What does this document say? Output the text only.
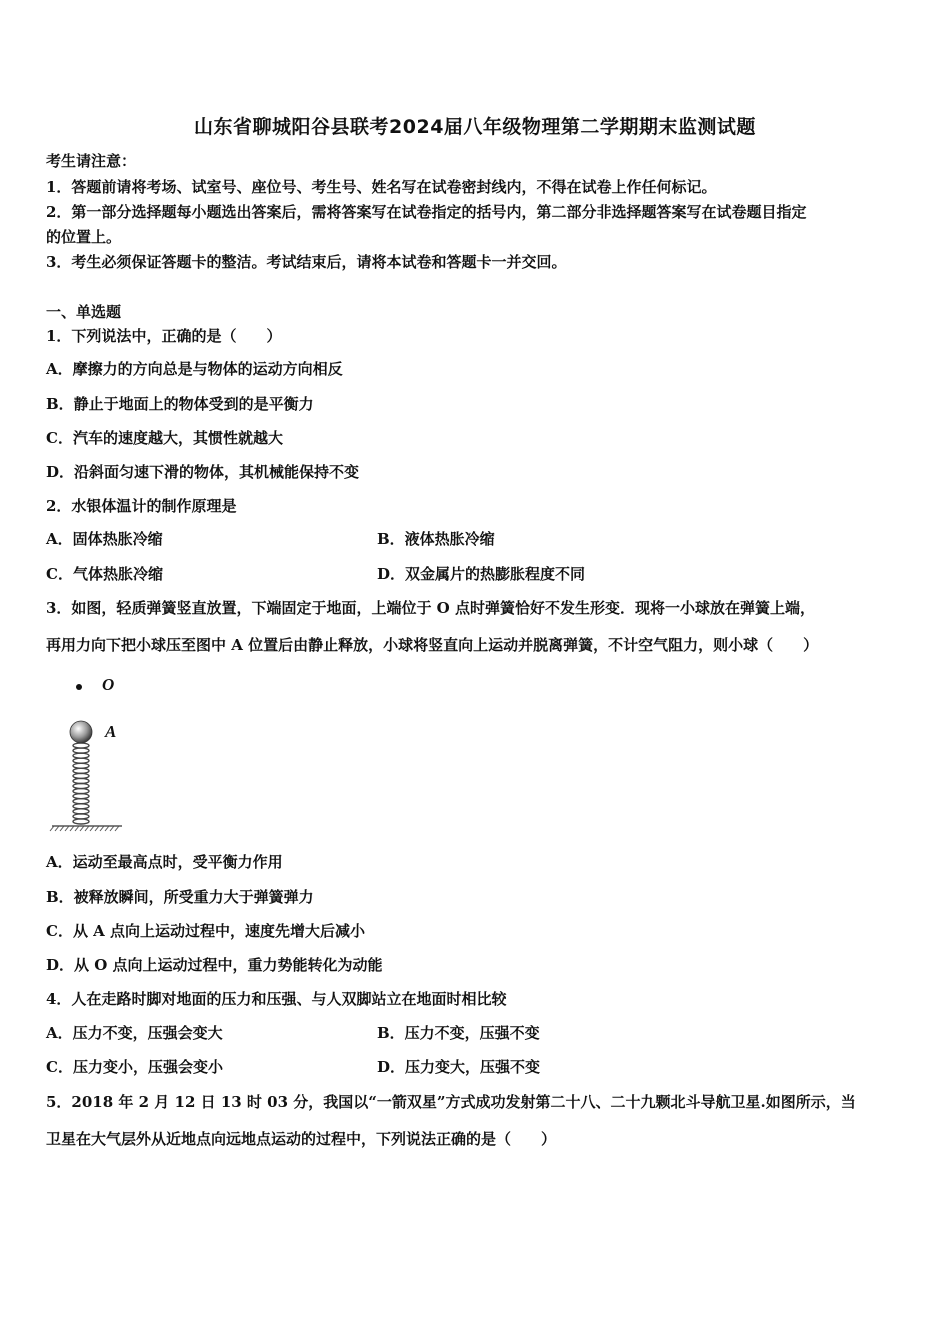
山东省聊城阳谷县联考2024届八年级物理第二学期期末监测试题
考生请注意：
1．答题前请将考场、试室号、座位号、考生号、姓名写在试卷密封线内，不得在试卷上作任何标记。
2．第一部分选择题每小题选出答案后，需将答案写在试卷指定的括号内，第二部分非选择题答案写在试卷题目指定
的位置上。
3．考生必须保证答题卡的整洁。考试结束后，请将本试卷和答题卡一并交回。
一、单选题
1．下列说法中，正确的是（　　）
A．摩擦力的方向总是与物体的运动方向相反
B．静止于地面上的物体受到的是平衡力
C．汽车的速度越大，其惯性就越大
D．沿斜面匀速下滑的物体，其机械能保持不变
2．水银体温计的制作原理是
A．固体热胀冷缩	B．液体热胀冷缩
C．气体热胀冷缩	D．双金属片的热膨胀程度不同
3．如图，轻质弹簧竖直放置，下端固定于地面，上端位于 O 点时弹簧恰好不发生形变．现将一小球放在弹簧上端，
再用力向下把小球压至图中 A 位置后由静止释放，小球将竖直向上运动并脱离弹簧，不计空气阻力，则小球（　　）
O
A
A．运动至最高点时，受平衡力作用
B．被释放瞬间，所受重力大于弹簧弹力
C．从 A 点向上运动过程中，速度先增大后减小
D．从 O 点向上运动过程中，重力势能转化为动能
4．人在走路时脚对地面的压力和压强、与人双脚站立在地面时相比较
A．压力不变，压强会变大	B．压力不变，压强不变
C．压力变小，压强会变小	D．压力变大，压强不变
5．2018 年 2 月 12 日 13 时 03 分，我国以“一箭双星”方式成功发射第二十八、二十九颗北斗导航卫星.如图所示，当
卫星在大气层外从近地点向远地点运动的过程中，下列说法正确的是（　　）
